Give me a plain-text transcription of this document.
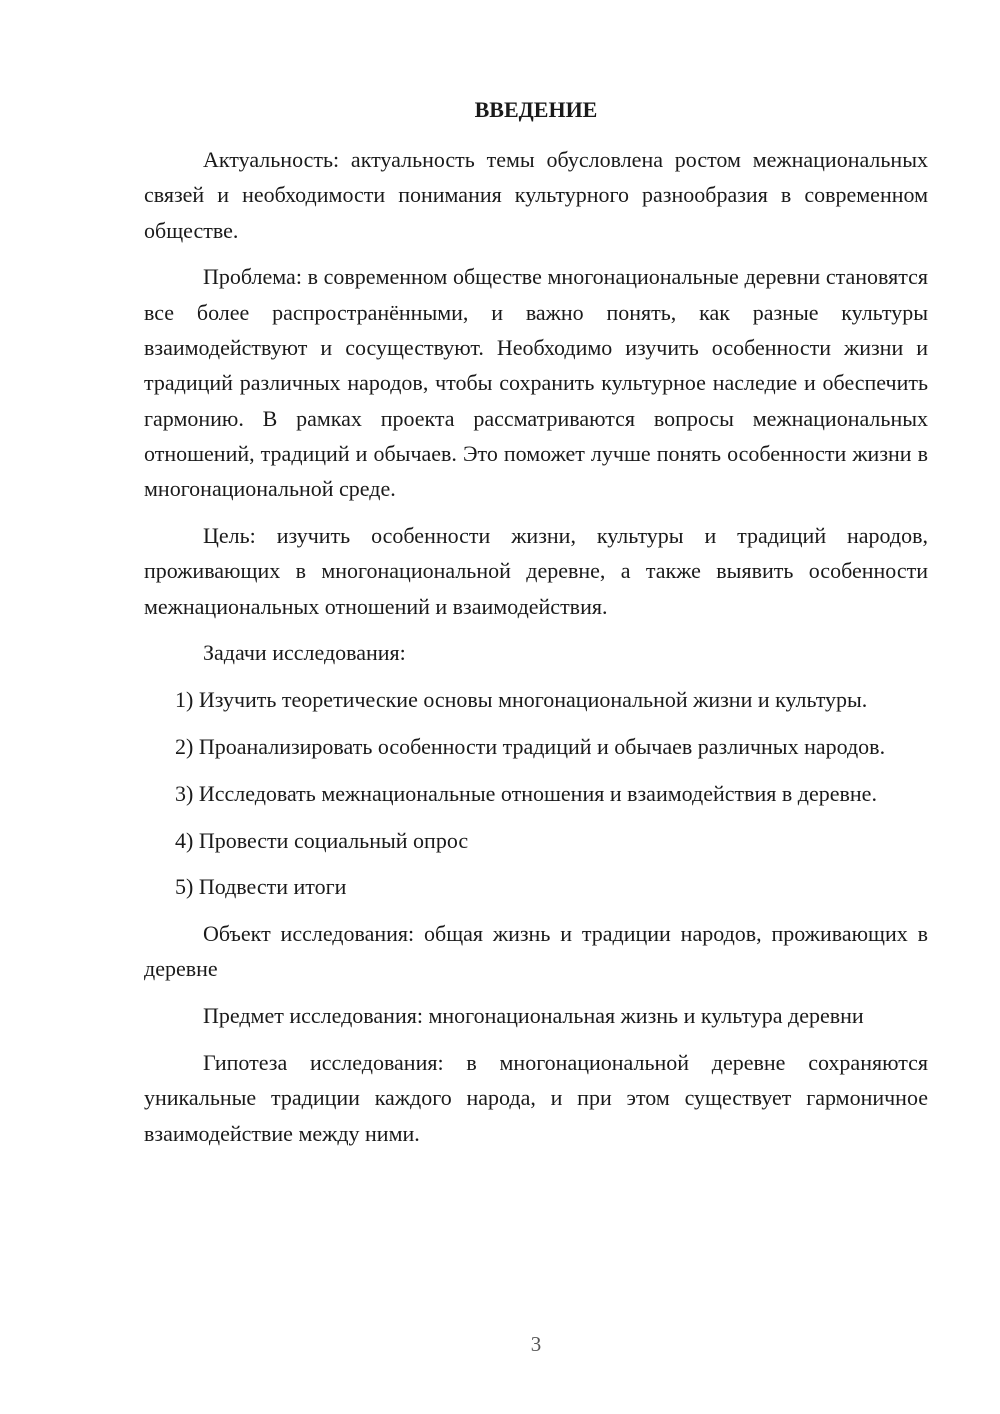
ВВЕДЕНИЕ

Актуальность: актуальность темы обусловлена ростом межнациональных связей и необходимости понимания культурного разнообразия в современном обществе.

Проблема: в современном обществе многонациональные деревни становятся все более распространёнными, и важно понять, как разные культуры взаимодействуют и сосуществуют. Необходимо изучить особенности жизни и традиций различных народов, чтобы сохранить культурное наследие и обеспечить гармонию. В рамках проекта рассматриваются вопросы межнациональных отношений, традиций и обычаев. Это поможет лучше понять особенности жизни в многонациональной среде.

Цель: изучить особенности жизни, культуры и традиций народов, проживающих в многонациональной деревне, а также выявить особенности межнациональных отношений и взаимодействия.

Задачи исследования:

1) Изучить теоретические основы многонациональной жизни и культуры.

2) Проанализировать особенности традиций и обычаев различных народов.

3) Исследовать межнациональные отношения и взаимодействия в деревне.

4) Провести социальный опрос

5) Подвести итоги

Объект исследования: общая жизнь и традиции народов, проживающих в деревне

Предмет исследования: многонациональная жизнь и культура деревни

Гипотеза исследования: в многонациональной деревне сохраняются уникальные традиции каждого народа, и при этом существует гармоничное взаимодействие между ними.

3
